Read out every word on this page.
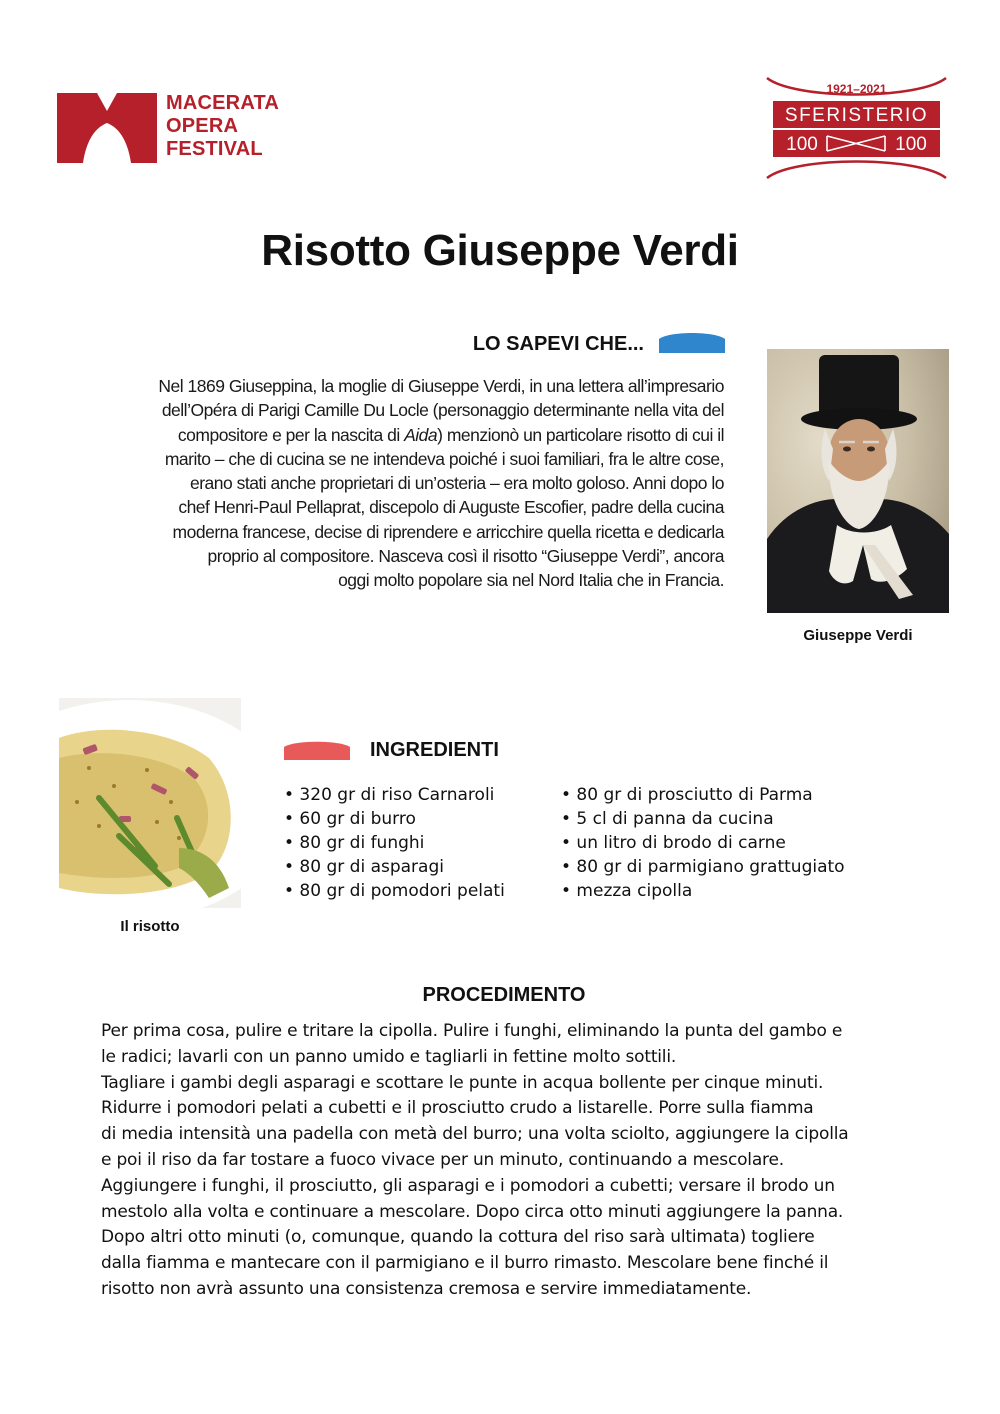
MACERATA
OPERA
FESTIVAL
1921–2021
SFERISTERIO
100	100
Risotto Giuseppe Verdi
LO SAPEVI CHE...
Nel 1869 Giuseppina, la moglie di Giuseppe Verdi, in una lettera all’impresario
dell’Opéra di Parigi Camille Du Locle (personaggio determinante nella vita del
compositore e per la nascita di Aida) menzionò un particolare risotto di cui il
marito – che di cucina se ne intendeva poiché i suoi familiari, fra le altre cose,
erano stati anche proprietari di un’osteria – era molto goloso. Anni dopo lo
chef Henri-Paul Pellaprat, discepolo di Auguste Escofier, padre della cucina
moderna francese, decise di riprendere e arricchire quella ricetta e dedicarla
proprio al compositore. Nasceva così il risotto “Giuseppe Verdi”, ancora
oggi molto popolare sia nel Nord Italia che in Francia.
Giuseppe Verdi
Il risotto
INGREDIENTI
• 320 gr di riso Carnaroli
• 60 gr di burro
• 80 gr di funghi
• 80 gr di asparagi
• 80 gr di pomodori pelati
• 80 gr di prosciutto di Parma
• 5 cl di panna da cucina
• un litro di brodo di carne
• 80 gr di parmigiano grattugiato
• mezza cipolla
PROCEDIMENTO
Per prima cosa, pulire e tritare la cipolla. Pulire i funghi, eliminando la punta del gambo e
le radici; lavarli con un panno umido e tagliarli in fettine molto sottili.
Tagliare i gambi degli asparagi e scottare le punte in acqua bollente per cinque minuti.
Ridurre i pomodori pelati a cubetti e il prosciutto crudo a listarelle. Porre sulla fiamma
di media intensità una padella con metà del burro; una volta sciolto, aggiungere la cipolla
e poi il riso da far tostare a fuoco vivace per un minuto, continuando a mescolare.
Aggiungere i funghi, il prosciutto, gli asparagi e i pomodori a cubetti; versare il brodo un
mestolo alla volta e continuare a mescolare. Dopo circa otto minuti aggiungere la panna.
Dopo altri otto minuti (o, comunque, quando la cottura del riso sarà ultimata) togliere
dalla fiamma e mantecare con il parmigiano e il burro rimasto. Mescolare bene finché il
risotto non avrà assunto una consistenza cremosa e servire immediatamente.
